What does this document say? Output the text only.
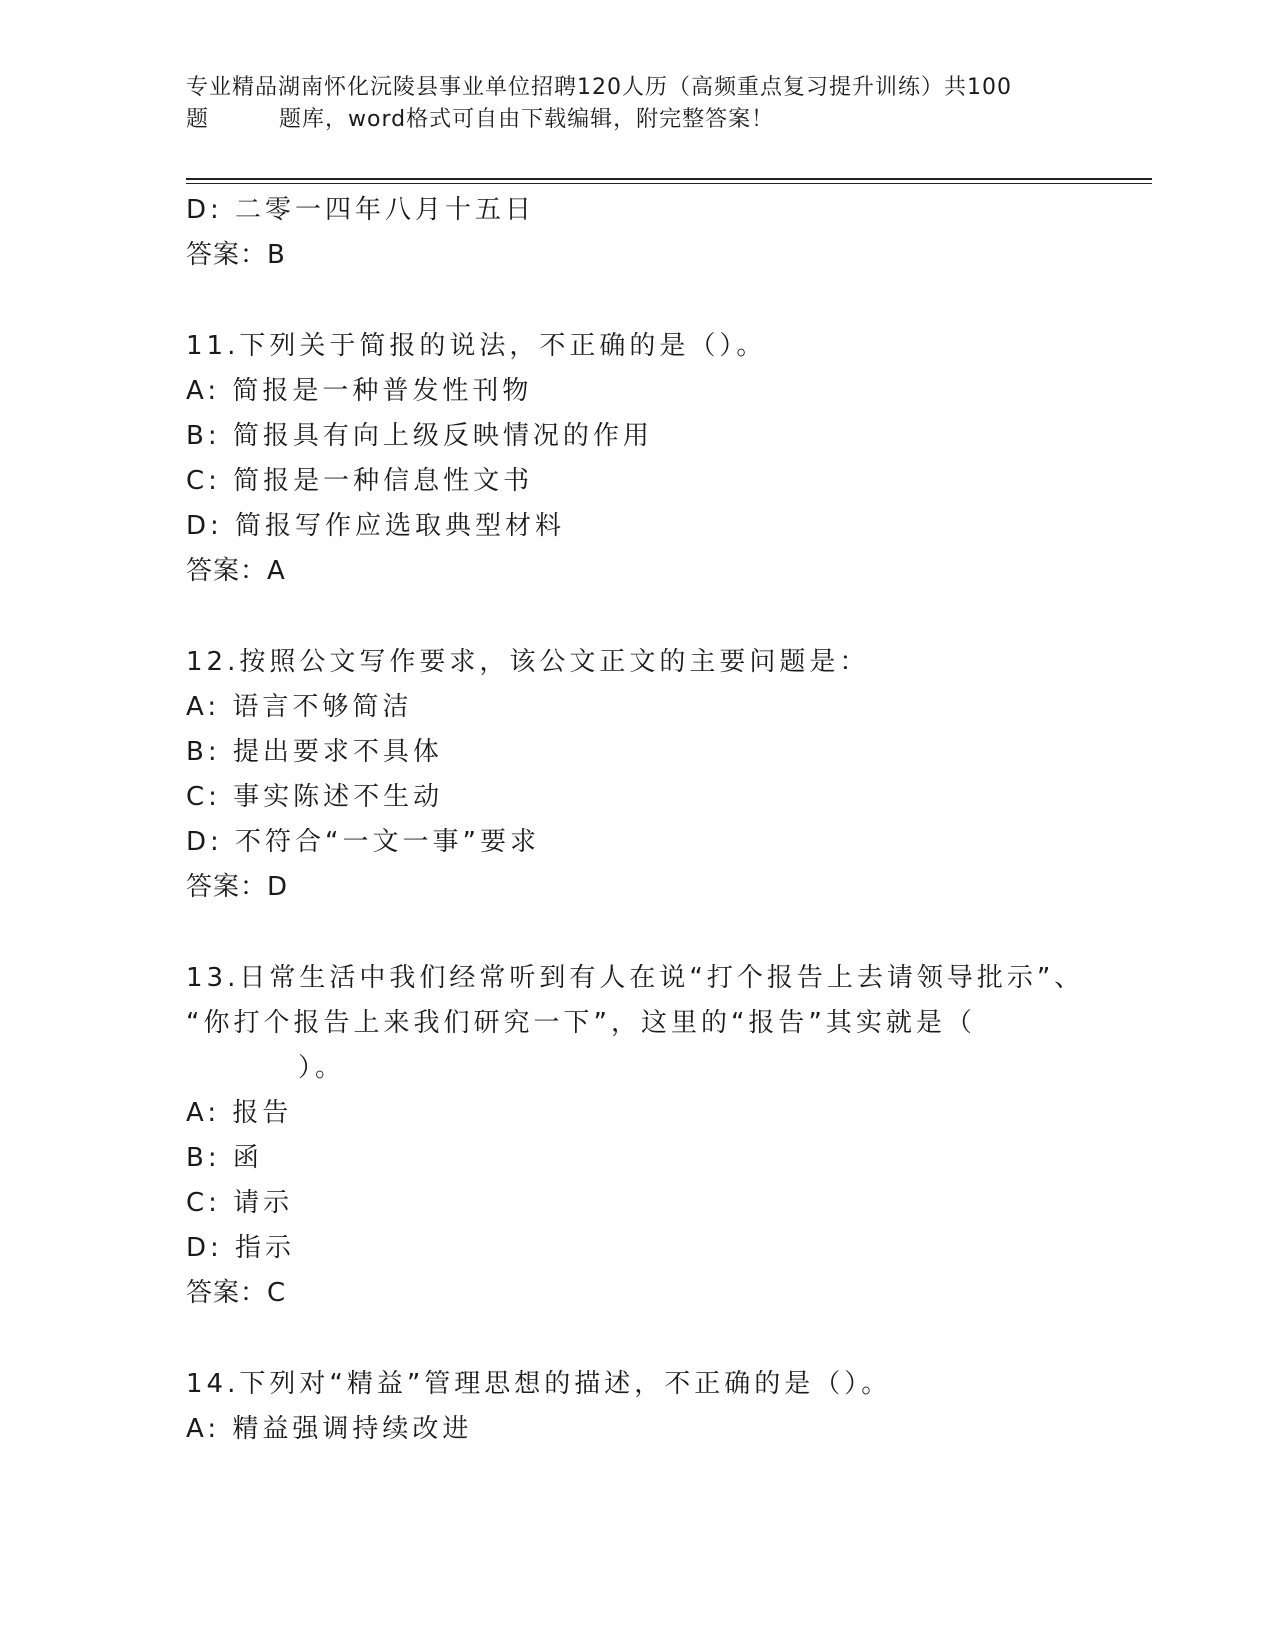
专业精品湖南怀化沅陵县事业单位招聘120人历（高频重点复习提升训练）共100
题	题库，word格式可自由下载编辑，附完整答案！
D: 二零一四年八月十五日
答案：B
11.下列关于简报的说法，不正确的是（）。
A: 简报是一种普发性刊物
B: 简报具有向上级反映情况的作用
C: 简报是一种信息性文书
D: 简报写作应选取典型材料
答案：A
12.按照公文写作要求，该公文正文的主要问题是：
A: 语言不够简洁
B: 提出要求不具体
C: 事实陈述不生动
D: 不符合“一文一事”要求
答案：D
13.日常生活中我们经常听到有人在说“打个报告上去请领导批示”、
“你打个报告上来我们研究一下”，这里的“报告”其实就是（
）。
A: 报告
B: 函
C: 请示
D: 指示
答案：C
14.下列对“精益”管理思想的描述，不正确的是（）。
A: 精益强调持续改进
